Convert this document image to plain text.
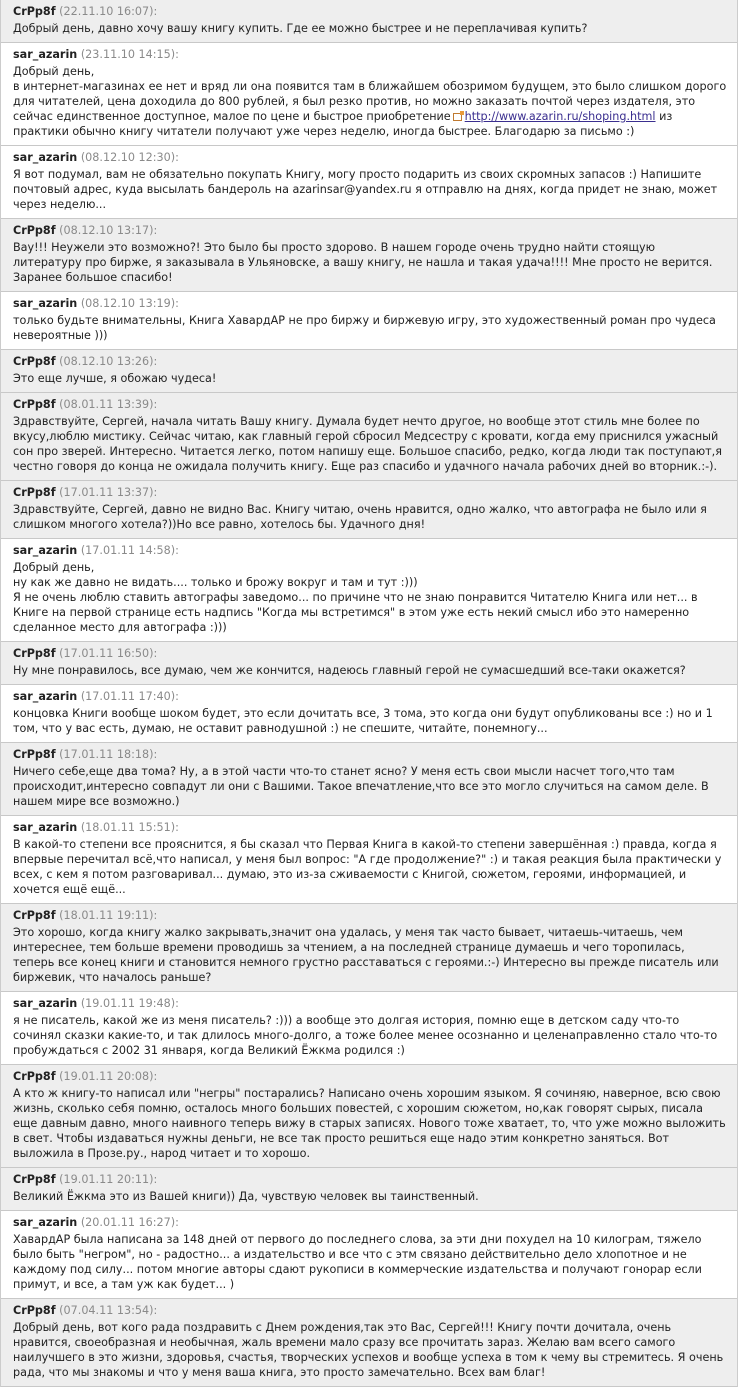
CrPp8f (22.11.10 16:07):
Добрый день, давно хочу вашу книгу купить. Где ее можно быстрее и не переплачивая купить?
sar_azarin (23.11.10 14:15):
Добрый день,
в интернет-магазинах ее нет и вряд ли она появится там в ближайшем обозримом будущем, это было слишком дорого для читателей, цена доходила до 800 рублей, я был резко против, но можно заказать почтой через издателя, это сейчас единственное доступное, малое по цене и быстрое приобретение http://www.azarin.ru/shoping.html из практики обычно книгу читатели получают уже через неделю, иногда быстрее. Благодарю за письмо :)
sar_azarin (08.12.10 12:30):
Я вот подумал, вам не обязательно покупать Книгу, могу просто подарить из своих скромных запасов :) Напишите почтовый адрес, куда высылать бандероль на azarinsar@yandex.ru я отправлю на днях, когда придет не знаю, может через неделю...
CrPp8f (08.12.10 13:17):
Вау!!! Неужели это возможно?! Это было бы просто здорово. В нашем городе очень трудно найти стоящую литературу про бирже, я заказывала в Ульяновске, а вашу книгу, не нашла и такая удача!!!! Мне просто не верится. Заранее большое спасибо!
sar_azarin (08.12.10 13:19):
только будьте внимательны, Книга ХавардАР не про биржу и биржевую игру, это художественный роман про чудеса невероятные )))
CrPp8f (08.12.10 13:26):
Это еще лучше, я обожаю чудеса!
CrPp8f (08.01.11 13:39):
Здравствуйте, Сергей, начала читать Вашу книгу. Думала будет нечто другое, но вообще этот стиль мне более по вкусу,люблю мистику. Сейчас читаю, как главный герой сбросил Медсестру с кровати, когда ему приснился ужасный сон про зверей. Интересно. Читается легко, потом напишу еще. Большое спасибо, редко, когда люди так поступают,я честно говоря до конца не ожидала получить книгу. Еще раз спасибо и удачного начала рабочих дней во вторник.:-).
CrPp8f (17.01.11 13:37):
Здравствуйте, Сергей, давно не видно Вас. Книгу читаю, очень нравится, одно жалко, что автографа не было или я слишком многого хотела?))Но все равно, хотелось бы. Удачного дня!
sar_azarin (17.01.11 14:58):
Добрый день,
ну как же давно не видать.... только и брожу вокруг и там и тут :)))
Я не очень люблю ставить автографы заведомо... по причине что не знаю понравится Читателю Книга или нет... в Книге на первой странице есть надпись "Когда мы встретимся" в этом уже есть некий смысл ибо это намеренно сделанное место для автографа :)))
CrPp8f (17.01.11 16:50):
Ну мне понравилось, все думаю, чем же кончится, надеюсь главный герой не сумасшедший все-таки окажется?
sar_azarin (17.01.11 17:40):
концовка Книги вообще шоком будет, это если дочитать все, 3 тома, это когда они будут опубликованы все :) но и 1 том, что у вас есть, думаю, не оставит равнодушной :) не спешите, читайте, понемногу...
CrPp8f (17.01.11 18:18):
Ничего себе,еще два тома? Ну, а в этой части что-то станет ясно? У меня есть свои мысли насчет того,что там происходит,интересно совпадут ли они с Вашими. Такое впечатление,что все это могло случиться на самом деле. В нашем мире все возможно.)
sar_azarin (18.01.11 15:51):
В какой-то степени все прояснится, я бы сказал что Первая Книга в какой-то степени завершённая :) правда, когда я впервые перечитал всё,что написал, у меня был вопрос: "А где продолжение?" :) и такая реакция была практически у всех, с кем я потом разговаривал... думаю, это из-за сживаемости с Книгой, сюжетом, героями, информацией, и хочется ещё ещё...
CrPp8f (18.01.11 19:11):
Это хорошо, когда книгу жалко закрывать,значит она удалась, у меня так часто бывает, читаешь-читаешь, чем интереснее, тем больше времени проводишь за чтением, а на последней странице думаешь и чего торопилась, теперь все конец книги и становится немного грустно расставаться с героями.:-) Интересно вы прежде писатель или биржевик, что началось раньше?
sar_azarin (19.01.11 19:48):
я не писатель, какой же из меня писатель? :))) а вообще это долгая история, помню еще в детском саду что-то сочинял сказки какие-то, и так длилось много-долго, а тоже более менее осознанно и целенаправленно стало что-то пробуждаться с 2002 31 января, когда Великий Ёжкма родился :)
CrPp8f (19.01.11 20:08):
А кто ж книгу-то написал или "негры" постарались? Написано очень хорошим языком. Я сочиняю, наверное, всю свою жизнь, сколько себя помню, осталось много больших повестей, с хорошим сюжетом, но,как говорят сырых, писала еще давным давно, много наивного теперь вижу в старых записях. Нового тоже хватает, то, что уже можно выложить в свет. Чтобы издаваться нужны деньги, не все так просто решиться еще надо этим конкретно заняться. Вот выложила в Прозе.ру., народ читает и то хорошо.
CrPp8f (19.01.11 20:11):
Великий Ёжкма это из Вашей книги)) Да, чувствую человек вы таинственный.
sar_azarin (20.01.11 16:27):
ХавардАР была написана за 148 дней от первого до последнего слова, за эти дни похудел на 10 килограм, тяжело было быть "негром", но - радостно... а издательство и все что с этм связано действительно дело хлопотное и не каждому под силу... потом многие авторы сдают рукописи в коммерческие издательства и получают гонорар если примут, и все, а там уж как будет... )
CrPp8f (07.04.11 13:54):
Добрый день, вот кого рада поздравить с Днем рождения,так это Вас, Сергей!!! Книгу почти дочитала, очень нравится, своеобразная и необычная, жаль времени мало сразу все прочитать зараз. Желаю вам всего самого наилучшего в это жизни, здоровья, счастья, творческих успехов и вообще успеха в том к чему вы стремитесь. Я очень рада, что мы знакомы и что у меня ваша книга, это просто замечательно. Всех вам благ!
